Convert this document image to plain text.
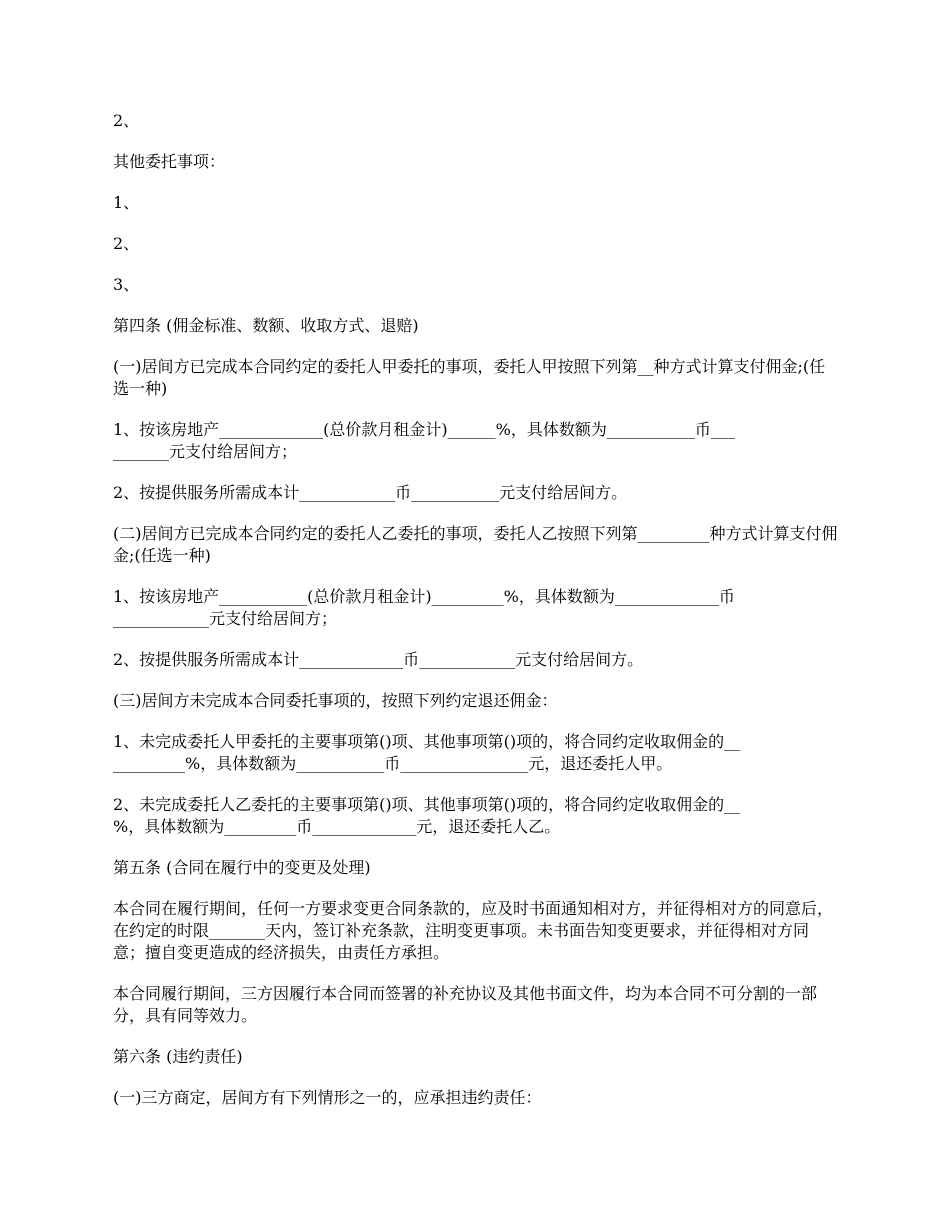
2、

其他委托事项：

1、

2、

3、

第四条 (佣金标准、数额、收取方式、退赔)

(一)居间方已完成本合同约定的委托人甲委托的事项，委托人甲按照下列第__种方式计算支付佣金;(任选一种)

1、按该房地产_____________(总价款月租金计)______%，具体数额为___________币___
_______元支付给居间方；

2、按提供服务所需成本计____________币___________元支付给居间方。

(二)居间方已完成本合同约定的委托人乙委托的事项，委托人乙按照下列第_________种方式计算支付佣金;(任选一种)

1、按该房地产___________(总价款月租金计)_________%，具体数额为_____________币
____________元支付给居间方；

2、按提供服务所需成本计_____________币____________元支付给居间方。

(三)居间方未完成本合同委托事项的，按照下列约定退还佣金：

1、未完成委托人甲委托的主要事项第()项、其他事项第()项的，将合同约定收取佣金的__
_________%，具体数额为___________币________________元，退还委托人甲。

2、未完成委托人乙委托的主要事项第()项、其他事项第()项的，将合同约定收取佣金的__
%，具体数额为_________币_____________元，退还委托人乙。

第五条 (合同在履行中的变更及处理)

本合同在履行期间，任何一方要求变更合同条款的，应及时书面通知相对方，并征得相对方的同意后，在约定的时限_______天内，签订补充条款，注明变更事项。未书面告知变更要求，并征得相对方同意；擅自变更造成的经济损失，由责任方承担。

本合同履行期间，三方因履行本合同而签署的补充协议及其他书面文件，均为本合同不可分割的一部分，具有同等效力。

第六条 (违约责任)

(一)三方商定，居间方有下列情形之一的，应承担违约责任：
